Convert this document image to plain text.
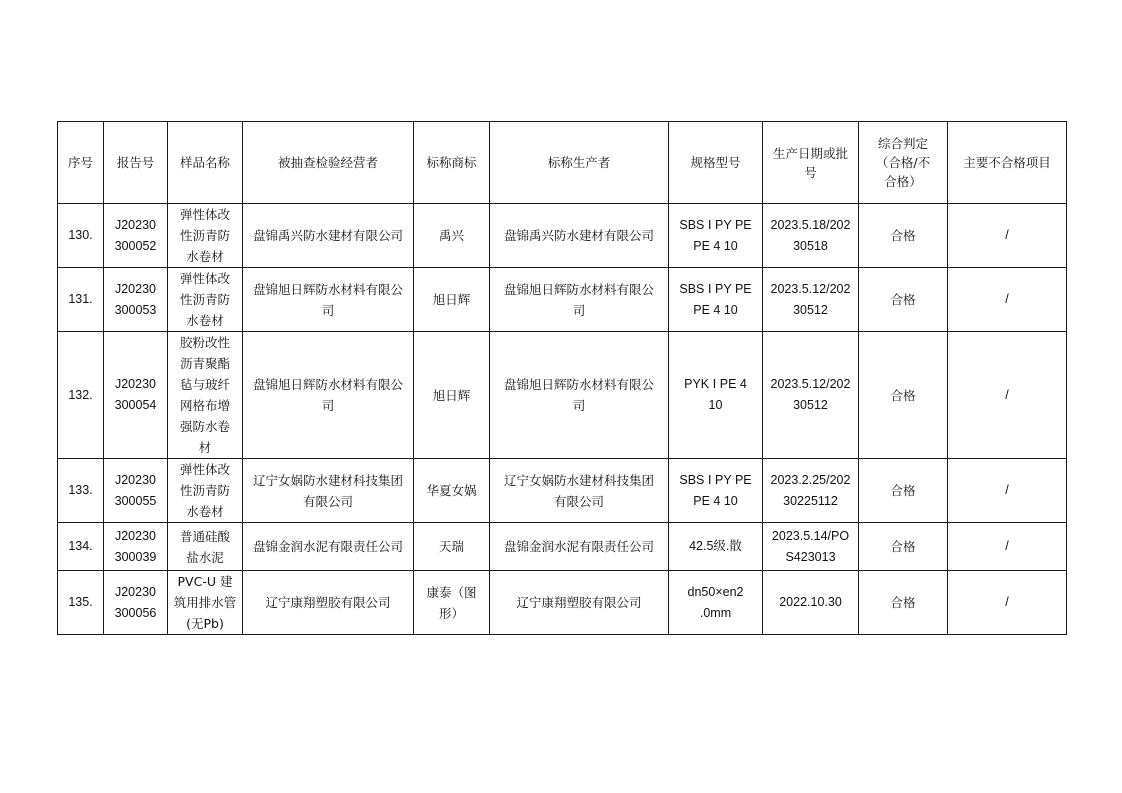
序号	报告号	样品名称	被抽查检验经营者	标称商标	标称生产者	规格型号	生产日期或批号	综合判定（合格/不合格）	主要不合格项目
130.	J20230300052	弹性体改性沥青防水卷材	盘锦禹兴防水建材有限公司	禹兴	盘锦禹兴防水建材有限公司	SBS Ⅰ PY PE PE 4 10	2023.5.18/20230518	合格	/
131.	J20230300053	弹性体改性沥青防水卷材	盘锦旭日辉防水材料有限公司	旭日辉	盘锦旭日辉防水材料有限公司	SBS Ⅰ PY PE PE 4 10	2023.5.12/20230512	合格	/
132.	J20230300054	胶粉改性沥青聚酯毡与玻纤网格布增强防水卷材	盘锦旭日辉防水材料有限公司	旭日辉	盘锦旭日辉防水材料有限公司	PYK Ⅰ PE 4 10	2023.5.12/20230512	合格	/
133.	J20230300055	弹性体改性沥青防水卷材	辽宁女娲防水建材科技集团有限公司	华夏女娲	辽宁女娲防水建材科技集团有限公司	SBS Ⅰ PY PE PE 4 10	2023.2.25/20230225112	合格	/
134.	J20230300039	普通硅酸盐水泥	盘锦金润水泥有限责任公司	天瑞	盘锦金润水泥有限责任公司	42.5级.散	2023.5.14/POS423013	合格	/
135.	J20230300056	PVC-U 建筑用排水管(无Pb)	辽宁康翔塑胶有限公司	康泰（图形）	辽宁康翔塑胶有限公司	dn50×en2.0mm	2022.10.30	合格	/
